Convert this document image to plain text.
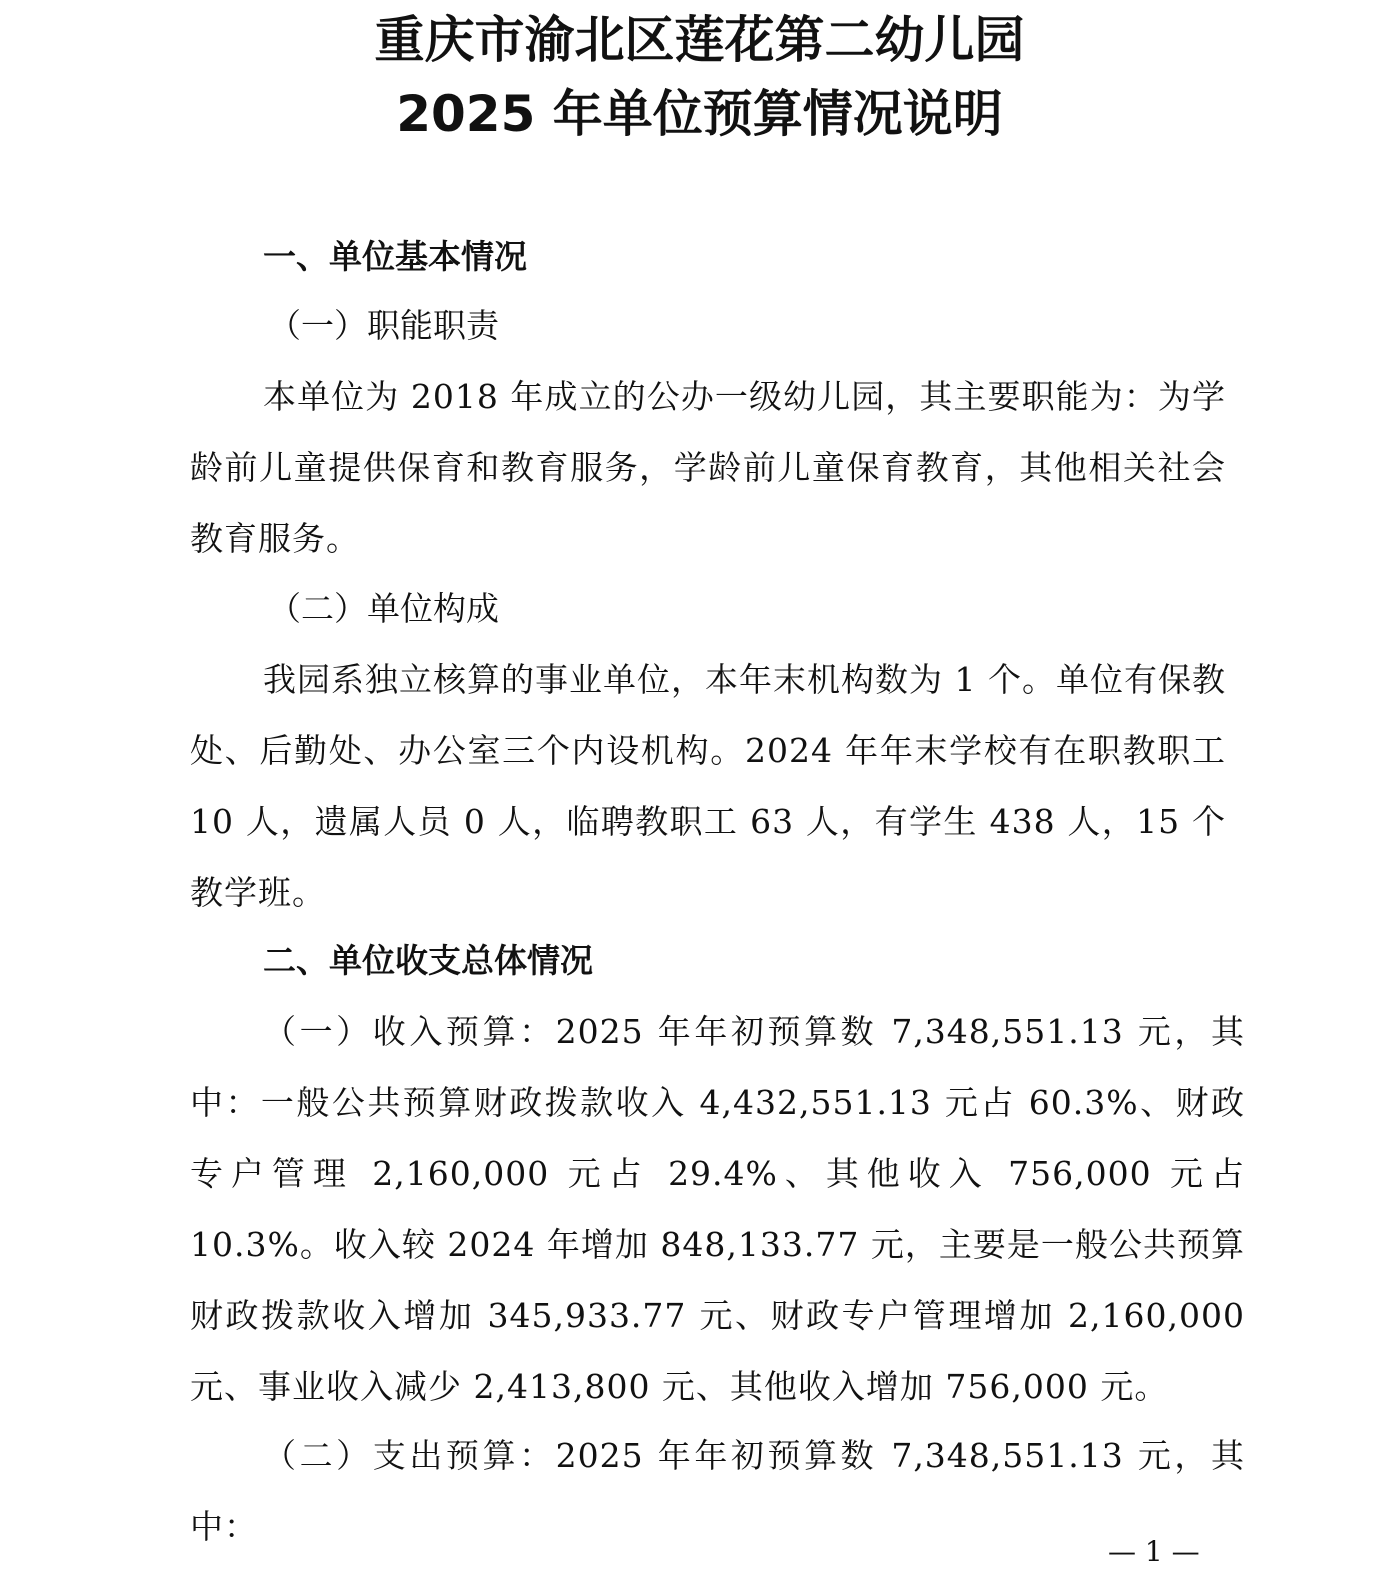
重庆市渝北区莲花第二幼儿园
2025 年单位预算情况说明
一、单位基本情况
（一）职能职责

本单位为 2018 年成立的公办一级幼儿园，其主要职能为：为学龄前儿童提供保育和教育服务，学龄前儿童保育教育，其他相关社会教育服务。

（二）单位构成

我园系独立核算的事业单位，本年末机构数为 1 个。单位有保教处、后勤处、办公室三个内设机构。2024 年年末学校有在职教职工 10 人，遗属人员 0 人，临聘教职工 63 人，有学生 438 人，15 个教学班。

二、单位收支总体情况

（一）收入预算：2025 年年初预算数 7,348,551.13 元，其中：一般公共预算财政拨款收入 4,432,551.13 元占 60.3%、财政专户管理 2,160,000 元占 29.4%、其他收入 756,000 元占 10.3%。收入较 2024 年增加 848,133.77 元，主要是一般公共预算财政拨款收入增加 345,933.77 元、财政专户管理增加 2,160,000 元、事业收入减少 2,413,800 元、其他收入增加 756,000 元。

（二）支出预算：2025 年年初预算数 7,348,551.13 元，其中：

— 1 —
